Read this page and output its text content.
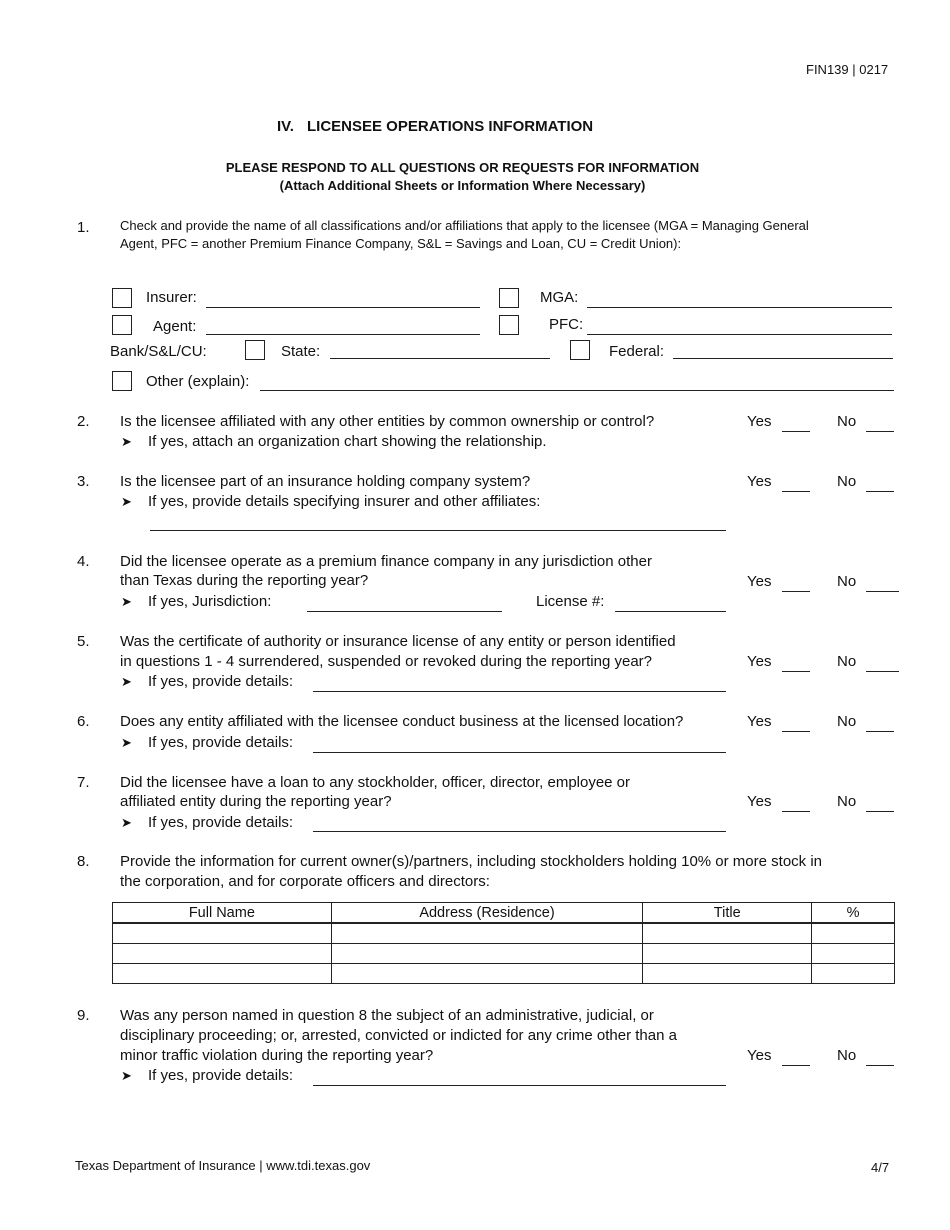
FIN139 | 0217
IV. LICENSEE OPERATIONS INFORMATION
PLEASE RESPOND TO ALL QUESTIONS OR REQUESTS FOR INFORMATION
(Attach Additional Sheets or Information Where Necessary)
1. Check and provide the name of all classifications and/or affiliations that apply to the licensee (MGA = Managing General
Agent, PFC = another Premium Finance Company, S&L = Savings and Loan, CU = Credit Union):
Insurer:	MGA:
Agent:	PFC:
Bank/S&L/CU:	State:	Federal:
Other (explain):
2. Is the licensee affiliated with any other entities by common ownership or control?
➤ If yes, attach an organization chart showing the relationship.
Yes	No
3. Is the licensee part of an insurance holding company system?
➤ If yes, provide details specifying insurer and other affiliates:
Yes	No
4. Did the licensee operate as a premium finance company in any jurisdiction other
than Texas during the reporting year?
➤ If yes, Jurisdiction:	License #:
Yes	No
5. Was the certificate of authority or insurance license of any entity or person identified
in questions 1 - 4 surrendered, suspended or revoked during the reporting year?
➤ If yes, provide details:
Yes	No
6. Does any entity affiliated with the licensee conduct business at the licensed location?
➤ If yes, provide details:
Yes	No
7. Did the licensee have a loan to any stockholder, officer, director, employee or
affiliated entity during the reporting year?
➤ If yes, provide details:
Yes	No
8. Provide the information for current owner(s)/partners, including stockholders holding 10% or more stock in
the corporation, and for corporate officers and directors:
Full Name	Address (Residence)	Title	%

9. Was any person named in question 8 the subject of an administrative, judicial, or
disciplinary proceeding; or, arrested, convicted or indicted for any crime other than a
minor traffic violation during the reporting year?
➤ If yes, provide details:
Yes	No
Texas Department of Insurance | www.tdi.texas.gov	4/7
